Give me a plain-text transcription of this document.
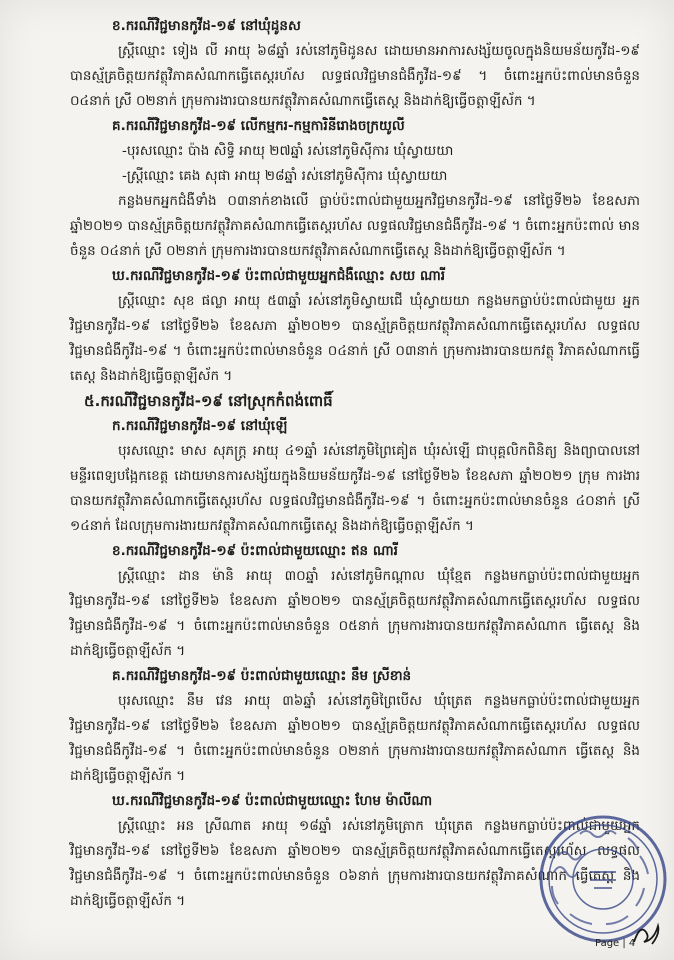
ខ.ករណីវិជ្ជមានកូវីដ-១៩ នៅឃុំដូនស

ស្ត្រីឈ្មោះ ទៀង លី អាយុ ៦៨ឆ្នាំ រស់នៅភូមិដូនស ដោយមានអាការសង្ស័យចូលក្នុងនិយមន័យកូវីដ-១៩ បានស្ម័គ្រចិត្តយកវត្ថុវិភាគសំណាកធ្វើតេស្តរហ័ស លទ្ធផលវិជ្ជមានជំងឺកូវីដ-១៩ ។ ចំពោះអ្នកប៉ះពាល់មានចំនួន ០៤នាក់ ស្រី ០២នាក់ ក្រុមការងារបានយកវត្ថុវិភាគសំណាកធ្វើតេស្ត និងដាក់ឱ្យធ្វើចត្តាឡីស័ក ។

គ.ករណីវិជ្ជមានកូវីដ-១៩ លើកម្មករ-កម្មការិនីរោងចក្រយូលី
-បុរសឈ្មោះ ប៉ាង សិទ្ធិ អាយុ ២៧ឆ្នាំ រស់នៅភូមិសុីការ ឃុំស្វាយយា
-ស្ត្រីឈ្មោះ គេង សុផា អាយុ ២៨ឆ្នាំ រស់នៅភូមិសុីការ ឃុំស្វាយយា

កន្លងមកអ្នកជំងឺទាំង ០៣នាក់ខាងលើ ធ្លាប់ប៉ះពាល់ជាមួយអ្នកវិជ្ជមានកូវីដ-១៩ នៅថ្ងៃទី២៦ ខែឧសភា ឆ្នាំ២០២១ បានស្ម័គ្រចិត្តយកវត្ថុវិភាគសំណាកធ្វើតេស្តរហ័ស លទ្ធផលវិជ្ជមានជំងឺកូវីដ-១៩ ។ ចំពោះអ្នកប៉ះពាល់ មានចំនួន ០៤នាក់ ស្រី ០២នាក់ ក្រុមការងារបានយកវត្ថុវិភាគសំណាកធ្វើតេស្ត និងដាក់ឱ្យធ្វើចត្តាឡីស័ក ។

ឃ.ករណីវិជ្ជមានកូវីដ-១៩ ប៉ះពាល់ជាមួយអ្នកជំងឺឈ្មោះ សយ ណារី

ស្ត្រីឈ្មោះ សុខ ផល្លា អាយុ ៥៣ឆ្នាំ រស់នៅភូមិស្វាយជើ ឃុំស្វាយយា កន្លងមកធ្លាប់ប៉ះពាល់ជាមួយ អ្នកវិជ្ជមានកូវីដ-១៩ នៅថ្ងៃទី២៦ ខែឧសភា ឆ្នាំ២០២១ បានស្ម័គ្រចិត្តយកវត្ថុវិភាគសំណាកធ្វើតេស្តរហ័ស លទ្ធផលវិជ្ជមានជំងឺកូវីដ-១៩ ។ ចំពោះអ្នកប៉ះពាល់មានចំនួន ០៤នាក់ ស្រី ០៣នាក់ ក្រុមការងារបានយកវត្ថុ វិភាគសំណាកធ្វើតេស្ត និងដាក់ឱ្យធ្វើចត្តាឡីស័ក ។

៥.ករណីវិជ្ជមានកូវីដ-១៩ នៅស្រុកកំពង់ពោធិ៍
ក.ករណីវិជ្ជមានកូវីដ-១៩ នៅឃុំឡើ

បុរសឈ្មោះ មាស សុភក្រ្ត អាយុ ៤១ឆ្នាំ រស់នៅភូមិព្រៃគៀត ឃុំរស់ឡើ ជាបុគ្គលិកពិនិត្យ និងព្យាបាលនៅ មន្ទីរពេទ្យបង្អែកខេត្ត ដោយមានការសង្ស័យក្នុងនិយមន័យកូវីដ-១៩ នៅថ្ងៃទី២៦ ខែឧសភា ឆ្នាំ២០២១ ក្រុម ការងារបានយកវត្ថុវិភាគសំណាកធ្វើតេស្តរហ័ស លទ្ធផលវិជ្ជមានជំងឺកូវីដ-១៩ ។ ចំពោះអ្នកប៉ះពាល់មានចំនួន ៤០នាក់ ស្រី ១៤នាក់ ដែលក្រុមការងារយកវត្ថុវិភាគសំណាកធ្វើតេស្ត និងដាក់ឱ្យធ្វើចត្តាឡីស័ក ។

ខ.ករណីវិជ្ជមានកូវីដ-១៩ ប៉ះពាល់ជាមួយឈ្មោះ ឥន ណារី

ស្ត្រីឈ្មោះ ដាន ម៉ានិ អាយុ ៣០ឆ្នាំ រស់នៅភូមិកណ្តាល ឃុំខ្មែត កន្លងមកធ្លាប់ប៉ះពាល់ជាមួយអ្នក វិជ្ជមានកូវីដ-១៩ នៅថ្ងៃទី២៦ ខែឧសភា ឆ្នាំ២០២១ បានស្ម័គ្រចិត្តយកវត្ថុវិភាគសំណាកធ្វើតេស្តរហ័ស លទ្ធផលវិជ្ជមានជំងឺកូវីដ-១៩ ។ ចំពោះអ្នកប៉ះពាល់មានចំនួន ០៥នាក់ ក្រុមការងារបានយកវត្ថុវិភាគសំណាក ធ្វើតេស្ត និងដាក់ឱ្យធ្វើចត្តាឡីស័ក ។

គ.ករណីវិជ្ជមានកូវីដ-១៩ ប៉ះពាល់ជាមួយឈ្មោះ នឹម ស្រីខាន់

បុរសឈ្មោះ នឹម វេន អាយុ ៣៦ឆ្នាំ រស់នៅភូមិព្រៃបើស ឃុំត្រេត កន្លងមកធ្លាប់ប៉ះពាល់ជាមួយអ្នក វិជ្ជមានកូវីដ-១៩ នៅថ្ងៃទី២៦ ខែឧសភា ឆ្នាំ២០២១ បានស្ម័គ្រចិត្តយកវត្ថុវិភាគសំណាកធ្វើតេស្តរហ័ស លទ្ធផលវិជ្ជមានជំងឺកូវីដ-១៩ ។ ចំពោះអ្នកប៉ះពាល់មានចំនួន ០២នាក់ ក្រុមការងារបានយកវត្ថុវិភាគសំណាក ធ្វើតេស្ត និងដាក់ឱ្យធ្វើចត្តាឡីស័ក ។

ឃ.ករណីវិជ្ជមានកូវីដ-១៩ ប៉ះពាល់ជាមួយឈ្មោះ ហែម ម៉ាលីណា

ស្ត្រីឈ្មោះ អន ស្រីណាត អាយុ ១៨ឆ្នាំ រស់នៅភូមិត្រោក ឃុំត្រេត កន្លងមកធ្លាប់ប៉ះពាល់ជាមួយអ្នក វិជ្ជមានកូវីដ-១៩ នៅថ្ងៃទី២៦ ខែឧសភា ឆ្នាំ២០២១ បានស្ម័គ្រចិត្តយកវត្ថុវិភាគសំណាកធ្វើតេស្តរហ័ស លទ្ធផលវិជ្ជមានជំងឺកូវីដ-១៩ ។ ចំពោះអ្នកប៉ះពាល់មានចំនួន ០៦នាក់ ក្រុមការងារបានយកវត្ថុវិភាគសំណាក ធ្វើតេស្ត និងដាក់ឱ្យធ្វើចត្តាឡីស័ក ។

Page | 4
